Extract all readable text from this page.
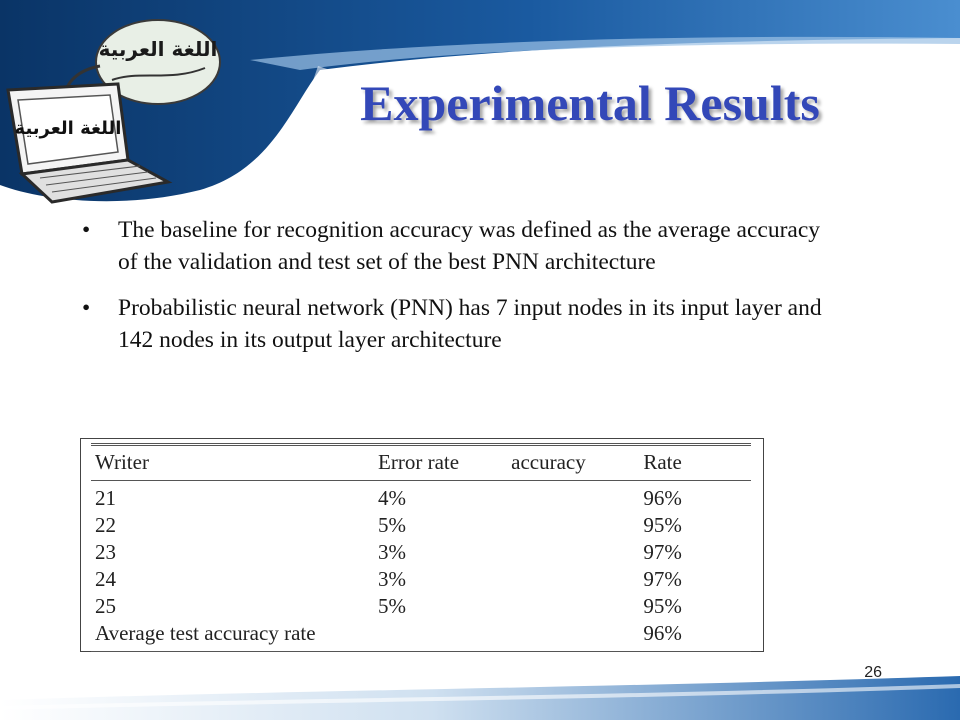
اللغة العربية
اللغة العربية	Experimental Results
• The baseline for recognition accuracy was defined as the average accuracy of the validation and test set of the best PNN architecture
• Probabilistic neural network (PNN) has 7 input nodes in its input layer and 142 nodes in its output layer architecture
Writer	Error rate	accuracy	Rate
21	4%		96%
22	5%		95%
23	3%		97%
24	3%		97%
25	5%		95%
Average test accuracy rate			96%
26
